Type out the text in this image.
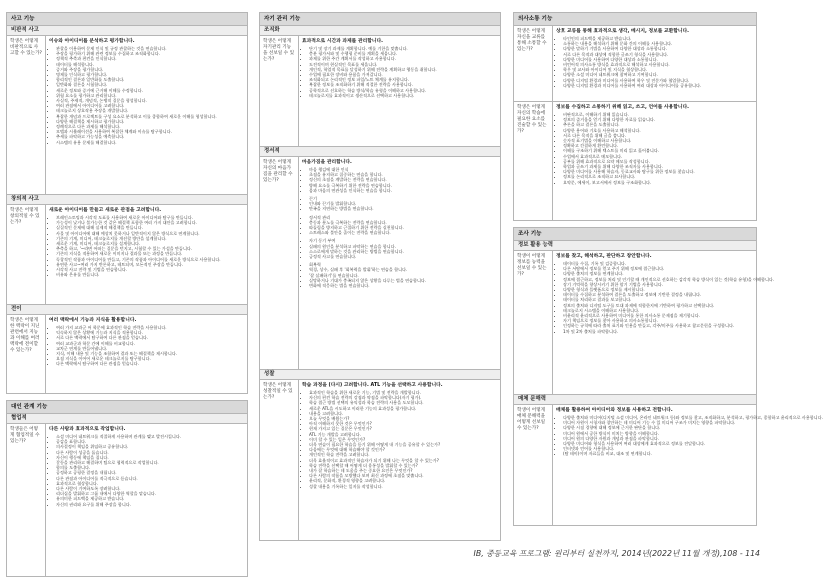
사고 기능
비판적 사고
학생은 어떻게 비판적으로 사고할 수 있는가?
이슈와 아이디어를 분석하고 평가합니다.
• 관찰을 이용하여 문제 인식 및 규정 관찰하는 것을 연습합니다.
• 주장을 평가하기 위해 관련 정보를 수집하고 조직화합니다.
• 정책적 추측과 편견을 인식합니다.
• 데이터를 해석합니다.
• 증거와 주장을 평가합니다.
• 명제를 인식하고 평가합니다.
• 합리적인 결론과 일반화를 도출합니다.
• 일반화와 결론을 시험합니다.
• 새로운 정보와 증거에 근거해 이해를 수정합니다.
• 위험 요소를 평가하고 관리합니다.
• 사실적, 주제적, 개념적, 논쟁적 질문을 형성합니다.
• 여러 관점에서 아이디어를 고려합니다.
• 테크놀로지 상호작용 주장을 개발합니다.
• 복잡한 개념과 프로젝트를 구성 요소로 분석하고 이를 종합하여 새로운 이해를 형성합니다.
• 다양한 해결책을 제시하고 평가합니다.
• 정례적으로 다른 과제를 해석합니다.
• 모델과 시뮬레이션을 사용하여 복잡한 체계와 이슈를 탐구합니다.
• 추세를 파악하고 가능성을 예측합니다.
• 시스템의 유용 문제를 해결합니다.
창의적 사고
학생은 어떻게 창의적일 수 있는가?
새로운 아이디어를 만들고 새로운 관점을 고려합니다.
• 브레인스토밍과 시각적 도표를 사용하여 새로운 아이디어와 탐구를 만듭니다.
• 가능성이 낮거나 불가능한 것 같은 해결책 포함한 여러 가지 대안을 고려합니다.
• 실질적인 문제에 대해 실제적 해결책을 만듭니다.
• 사물 및 아이디어에 대해 예상치 못하거나 일반적이지 않은 방식으로 연계합니다.
• 기존의 기계, 미디어, 테크놀로지를 개선할 방안을 설계합니다.
• 새로운 기계, 미디어, 테크놀로지를 설계합니다.
• 추측을 하고, '~라면 어떠는 질문을 던지고, 시험할 수 있는 가설을 만듭니다.
• 기존의 지식을 적용하여 새로운 이미지나 결과물 또는 과정을 만듭니다.
• 독창적인 작품과 아이디어를 만들고, 기존의 작품과 아이디어를 새로운 방식으로 사용합니다.
• 유연한 사고~여러 가지 반론하고, 테트되며, 모든적인 주장을 만듭니다.
• 시각적 사고 전략 및 기법을 연습합니다.
• 비유와 은유를 만듭니다.
전이
학생은 어떻게 한 맥락이 지닌 관련에서 지능과 이해를 여러 맥락에 전이할 수 있는가?
여러 맥락에서 기능과 지식을 활용합니다.
• 여러 가지 교과군 어 학문에 효과적인 학습 전략을 사용합니다.
• 익숙하지 않은 상황에 기능과 지식을 적용합니다.
• 서로 다른 맥락에서 탐구하여 다른 관점을 얻습니다.
• 여러 교과군과 학문 간에 이해를 비교합니다.
• 교차군 연계를 만들어냅니다.
• 지식, 이해 내용 및 기능을 조합하여 결과 또는 해결책을 제시합니다.
• 요점 지식을 이어어 새로운 테크놀로지를 탐구합니다.
• 다른 맥락에서 탐구하여 다른 관점을 얻습니다.
대인 관계 기능
협업적
학생들은 어떻게 협업적일 수 있는가?
다른 사람과 효과적으로 작업합니다.
• 소셜 미디어 네트워크를 적절하게 사용하며 관계를 맺고 발전시킵니다.
• 공감을 표합니다.
• 의사결정이 책임을 위임하고 공유합니다.
• 다른 사람이 성공을 돕습니다.
• 자신이 행동에 책임을 집니다.
• 갈등을 관리하고 해결하며 팀으로 협력적으로 작업합니다.
• 합의를 도출합니다.
• 공정하고 공평한 결정을 내립니다.
• 다른 관점과 아이디어를 적극적으로 듣습니다.
• 효과적으로 협상합니다.
• 다른 사람이 기여하도록 장려합니다.
• 리더십을 발휘하고 그룹 내에서 다양한 역할을 맡습니다.
• 유의미한 피드백을 제공하고 받습니다.
• 자신의 권리와 요구를 위해 주장을 합니다.
자기 관리 기능
조직화
학생은 어떻게 자기관리 기능을 선보일 수 있는가?
효과적으로 시간과 과제를 관리합니다.
• 단기 및 장기 과제를 계획합니다. 예를 기한을 맞춥니다.
• 충분 평가서와 및 수행평 준비를 계획을 세웁니다.
• 과제를 위한 주간 계획서를 작성하고 사용합니다.
• 도전적이며 현실적인 목표를 세웁니다.
• 개인적, 학업적 목표를 달성하기 위해 전략을 계획하고 행동을 취합니다.
• 수업에 필요한 장비와 용품을 가져갑니다.
• 조직화되고 논리적인 정보 파일/노트 체계를 유지합니다.
• 복잡한 정보를 조직화하기 위해 적절한 전략을 사용합니다.
• 공학적으로 선호하는 학습 방식/학습 유형을 이해하고 사용합니다.
• 테크놀로지를 효과적이고 생산적으로 선택하고 사용합니다.
정서적
학생은 어떻게 자신의 마음가짐을 관리할 수 있는가?
마음가짐을 관리합니다.
• 마음 챙김에 대한 인식
• 초점을 유지하고 집중하는 연습을 합니다.
• 정신의 초점을 계발하는 전략을 연습합니다.
• 방해 요소를 극복하기 위한 전략을 연습합니다.
• 몸과 마음의 연관성을 인식하는 연습을 합니다.
• 끈기
• 인내와 끈기를 발휘합니다.
• 만족을 지연하는 방법을 연습합니다.
• 정서적 관리
• 충동과 분노를 극복하는 전략을 연습합니다.
• 따돌림을 방지하고 근절하기 위한 전략을 실천합니다.
• 스트레스와 불안을 줄이는 전략을 연습합니다.
• 자기 동기 부여
• 실패의 원인을 분석하고 파악하는 연습을 합니다.
• 스스로에게 말하는 것을 관리하는 방법을 연습합니다.
• 긍정적 사고를 연습합니다.
• 회복력
• 역경, 상수, 실패 후 '회복력을 발휘'하는 연습을 합니다.
• '잘 실패하기'를 연습합니다.
• 실망하거나 기대가 충족되지 않은 상황을 다루는 법을 연습합니다.
• 변화에 적응하는 법을 연습합니다.
성찰
학생은 어떻게 성찰적일 수 있는가?
학습 과정을 (다시) 고려합니다. ATL 기능을 선택하고 사용합니다.
• 효과적인 학습을 위한 새로운 기능, 기법 및 전략을 개발합니다.
• 자신의 편견 학습 전략의 강점과 약점을 파악합니다(자기 평가).
• 학습 접근 방법 선택의 유익성과 학습 전략의 사용을 도모합니다.
• 새로운 ATL을 시도하고 이러한 기능의 효과성을 평가합니다.
• 내용을 고려합니다.
• 오늘 무엇을 배웠는가?
• 아직 이해하지 못한 것은 무엇인가?
• 현재 가지고 있는 질문은 무엇인가?
• ATL 기능 개발을 고려합니다.
• 이미 할 수 있는 일은 무엇인가?
• 더욱 연습이 필요한 학습을 듣기 위해 어떻게 내 기능을 공유할 수 있는가?
• 다음에는 무엇에 대해 학습해야 할 것인가?
• 개인적인 학습 전략을 고려합니다.
• 더욱 효율적이고 효과적인 학습자가 되기 위해 나는 무엇을 할 수 있는가?
• 학습 전략을 선택할 때 어떻게 더 융통성을 발휘할 수 있는가?
• 내가 잘 학습하는 데 도움을 주는 중요한 요인은 무엇인가?
• 다른 사람의 작품을 모방했다 보며 최신 과정에 초점을 맞춥니다.
• 윤리적, 문화적, 환경적 영향을 고려합니다.
• 성찰 내용을 기록하는 일지를 작성합니다.
의사소통 기능
학생은 어떻게 자신을 교류를 통해 소통할 수 있는가?
상호 교류를 통해 효과적으로 생각, 메시지, 정보를 교환합니다.
• 타인인의 피드백을 제공하고 받습니다.
• 소통하는 내용을 해석하기 위해 문화 간의 이해를 사용합니다.
• 다양한 말하기 기법을 사용하여 다양한 대상과 소통합니다.
• 서로 다른 목적과 대상에 적합한 글쓰기 형식을 사용합니다.
• 다양한 미디어를 사용하여 다양한 대상과 소통합니다.
• 비언어적 의사소통 방식을 효과적으로 해석하고 사용합니다.
• 학우 및 교사와 아이디어 및 지식을 협상합니다.
• 다양한 소셜 미디어 네트워크에 참여하고 기여합니다.
• 다양한 디지털 환경과 미디어를 사용하여 학우 및 전문가와 협업합니다.
• 다양한 디지털 환경과 미디어를 사용하여 여러 대상과 아이디어를 공유합니다.
학생은 어떻게 자신의 학습에 필요한 요소를 진술할 수 있는가?
정보를 수집하고 소통하기 위해 읽고, 쓰고, 언어를 사용합니다.
• 비판적으로, 이해하기 위해 읽습니다.
• 정보의 즐거움을 얻기 위해 다양한 자료를 읽습니다.
• 추론을 하고 결론을 도출합니다.
• 다양한 용어와 기호를 사용하고 해석합니다.
• 서로 다른 목적을 위해 글을 씁니다.
• 숫자적 표기법을 이해하고 사용합니다.
• 정확하고 간결하게 환언합니다.
• 이해를 구조하기 위해 텍스트를 미리 읽고 훑어봅니다.
• 수업에서 효과적으로 메모합니다.
• 공부를 위해 효과적으로 요약 메모를 작성합니다.
• 학업과 글쓰기 과제를 위해 다양한 조직자를 사용합니다.
• 다양한 미디어를 사용해 학습자, 동료교사와 탐구를 위한 정보를 찾습니다.
• 정보를 논리적으로 조직하고 묘사합니다.
• 요약문, 에세이, 보고서에서 정보를 구조화합니다.
조사 기능
정보 활용 능력
학생이 어떻게 정보를 능력을 선보일 수 있는가?
정보를 찾고, 해석하고, 판단하고 창안합니다.
• 데이터를 수집, 기록 및 검증합니다.
• 다른 서탐에서 정보를 얻고 주기 위해 정보에 접근합니다.
• 다양한 출처의 정보를 연계합니다.
• 정보에 접근하고, 정보를 처리 및 인기할 때 개인적으로 선호하는 감각적 학습 방식이 있는 것(학습 유형)을 이해합니다.
• 장기 기억력을 향상시키기 위한 암기 기법을 사용합니다.
• 다양한 형식과 플랫폼으로 정보를 제시합니다.
• 데이터를 수집하고 분석하여 결론을 도출하고 정보에 기반한 결정을 내립니다.
• 데이터를 처리하고 결과를 보고합니다.
• 정보의 출처와 디지털 도구를 토대 과제에 적합한지에 기반하여 평가하고 선택합니다.
• 테크놀로지 시스템을 이해하고 사용합니다.
• 비윤리적 윤리적으로 사용하여 미디어를 통한 의사소통 문제점을 제기합니다.
• 자기 책임으로 정보를 찾아 사용하고 의사소통합니다.
• 인정하는 규칙에 따라 출처 표기와 인용을 만들고, 각주/미주를 사용하고 참고문헌을 구성합니다.
• 1차 및 2차 출처를 파악합니다.
매체 문해력
학생이 어떻게 매체 문해력을 어떻게 선보일 수 있는가?
매체를 활용하여 아이디어와 정보를 사용하고 전합니다.
• 다양한 출처와 미디어(디지털 소셜 미디어, 온라인 네트워크 등)와 정보를 찾고, 조직화하고, 분석하고, 평가하고, 종합하고 윤리적으로 사용합니다.
• 미디어 자원이 시청자와 창안하는 데 미디어 기능 수 있 미디어 구조가 미치는 영향을 파악합니다.
• 다양한 시점 경향에 대해 정보에 근거한 판단을 합니다.
• 미디어 원에서 공한 방식이 미치는 방향을 이해합니다.
• 미디어 원의 다양한 자원과 개념과 관점을 파악합니다.
• 다양한 미디어와 형식을 사용하여 여러 대상에게 효과적으로 정보를 전달합니다.
• 인터넷과 언어를 사용합니다.
• (탐 테이)이며 자료들을 비교, 대조 및 연계합니다.
IB, 중등교육 프로그램: 원리부터 실천까지, 2014년(2022년 11월 개정),108 - 114
